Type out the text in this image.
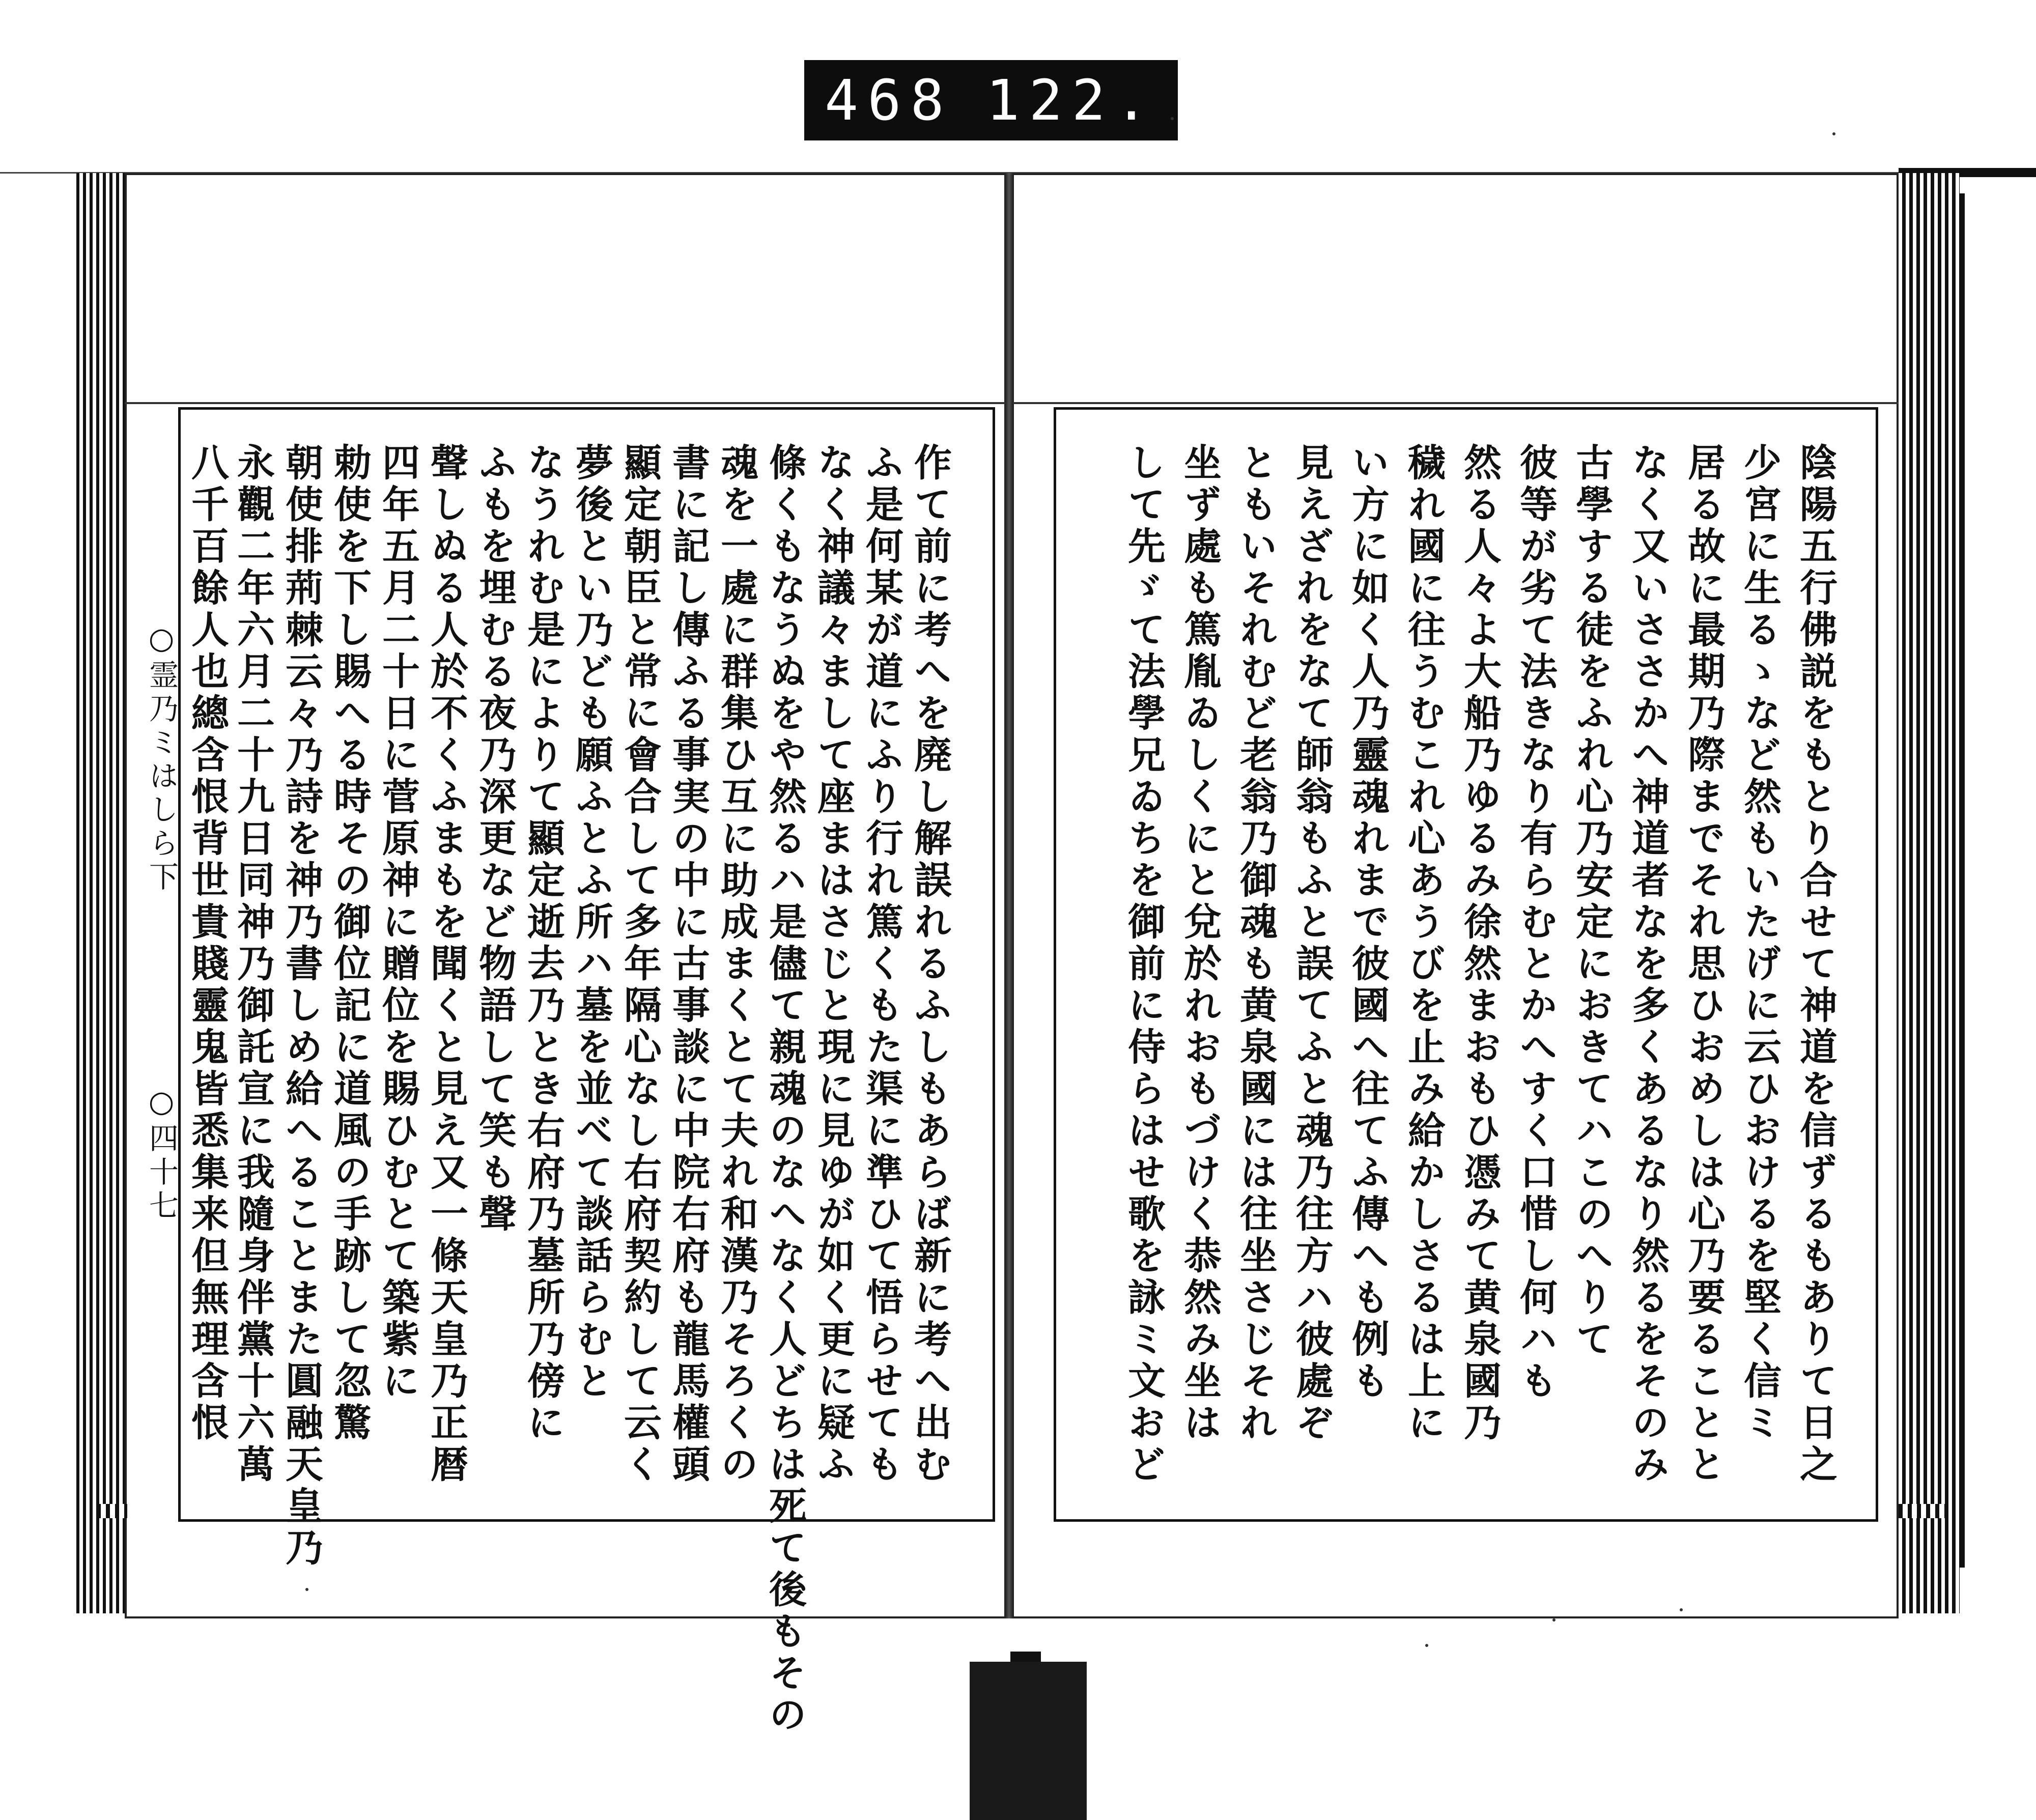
468 122.
作て前に考へを廃し解誤れるふしもあらば新に考へ出む
ふ是何某が道にふり行れ篤くもた渠に準ひて悟らせても
なく神議々まして座まはさじと現に見ゆが如く更に疑ふ
條くもなうぬをや然るハ是儘て親魂のなへなく人どちは死て後もその
魂を一處に群集ひ互に助成まくとて夫れ和漢乃そろくの
書に記し傳ふる事実の中に古事談に中院右府も龍馬權頭
顯定朝臣と常に會合して多年隔心なし右府契約して云く
夢後とい乃ども願ふとふ所ハ墓を並べて談話らむと
なうれむ是によりて顯定逝去乃とき右府乃墓所乃傍に
ふもを埋むる夜乃深更など物語して笑も聲
聲しぬる人於不くふまもを聞くと見え又一條天皇乃正暦
四年五月二十日に菅原神に贈位を賜ひむとて築紫に
勅使を下し賜へる時その御位記に道風の手跡して忽驚
朝使排荊棘云々乃詩を神乃書しめ給へることまた圓融天皇乃
永觀二年六月二十九日同神乃御託宣に我隨身伴黨十六萬
八千百餘人也總含恨背世貴賤靈鬼皆悉集来但無理含恨
○霊乃ミはしら下
○四十七	陰陽五行佛説をもとり合せて神道を信ずるもありて日之
少宮に生るゝなど然もいたげに云ひおけるを堅く信ミ
居る故に最期乃際までそれ思ひおめしは心乃要ることと
なく又いささかへ神道者なを多くあるなり然るをそのみ
古學する徒をふれ心乃安定におきてハこのへりて
彼等が劣て法きなり有らむとかへすく口惜し何ハも
然る人々よ大船乃ゆるみ徐然まおもひ憑みて黄泉國乃
穢れ國に往うむこれ心あうびを止み給かしさるは上に
い方に如く人乃靈魂れまで彼國へ往てふ傳へも例も
見えざれをなて師翁もふと誤てふと魂乃往方ハ彼處ぞ
ともいそれむど老翁乃御魂も黄泉國には往坐さじそれ
坐ず處も篤胤ゐしくにと兌於れおもづけく恭然み坐は
して先ゞて法學兄ゐちを御前に侍らはせ歌を詠ミ文おど
